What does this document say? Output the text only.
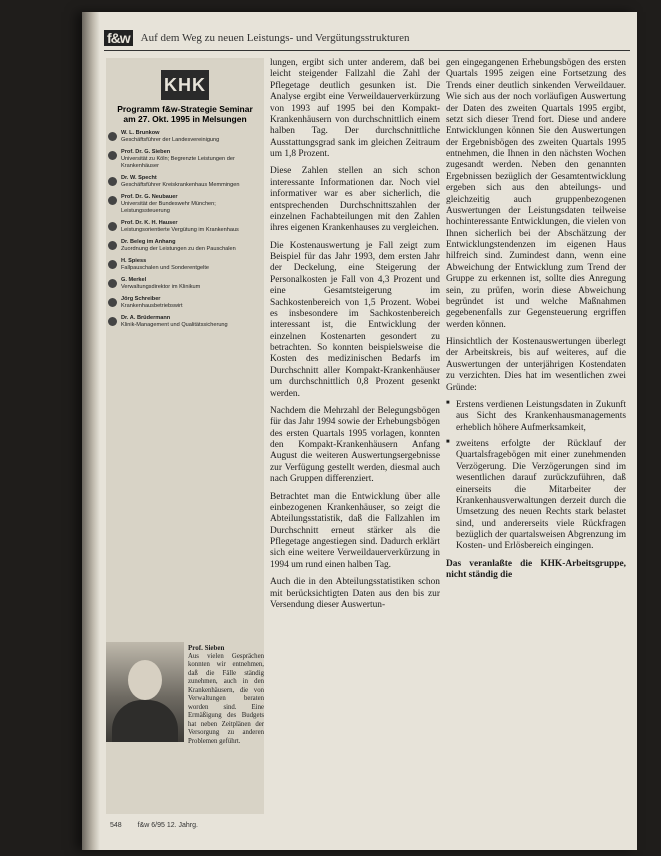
f&w Auf dem Weg zu neuen Leistungs- und Vergütungsstrukturen
KHK
Programm f&w-Strategie Seminar am 27. Okt. 1995 in Melsungen
W. L. Brunkow
Geschäftsführer der Landesvereinigung
Prof. Dr. G. Sieben
Universität zu Köln; Begrenzte Leistungen der Krankenhäuser
Dr. W. Specht
Geschäftsführer Kreiskrankenhaus Memmingen
Prof. Dr. G. Neubauer
Universität der Bundeswehr München; Leistungssteuerung
Prof. Dr. K. H. Hauser
Leistungsorientierte Vergütung im Krankenhaus
Dr. Beleg im Anhang
Zuordnung der Leistungen zu den Pauschalen
H. Spiess
Fallpauschalen und Sonderentgelte
G. Merkel
Verwaltungsdirektor im Klinikum
Jörg Schreiber
Krankenhausbetriebswirt
Dr. A. Brüdermann
Klinik-Management und Qualitätssicherung
Prof. Sieben
Aus vielen Gesprächen konnten wir entnehmen, daß die Fälle ständig zunehmen, auch in den Krankenhäusern, die von Verwaltungen beraten worden sind. Eine Ermäßigung des Budgets hat neben Zeitplänen der Versorgung zu anderen Problemen geführt.

lungen, ergibt sich unter anderem, daß bei leicht steigender Fallzahl die Zahl der Pflegetage deutlich gesunken ist. Die Analyse ergibt eine Verweildauerverkürzung von 1993 auf 1995 bei den Kompakt-Krankenhäusern von durchschnittlich einem halben Tag. Der durchschnittliche Ausstattungsgrad sank im gleichen Zeitraum um 1,8 Prozent.

Diese Zahlen stellen an sich schon interessante Informationen dar. Noch viel informativer war es aber sicherlich, die entsprechenden Durchschnittszahlen der einzelnen Fachabteilungen mit den Zahlen ihres eigenen Krankenhauses zu vergleichen.

Die Kostenauswertung je Fall zeigt zum Beispiel für das Jahr 1993, dem ersten Jahr der Deckelung, eine Steigerung der Personalkosten je Fall von 4,3 Prozent und eine Gesamtsteigerung im Sachkostenbereich von 1,5 Prozent. Wobei es insbesondere im Sachkostenbereich interessant ist, die Entwicklung der einzelnen Kostenarten gesondert zu betrachten. So konnten beispielsweise die Kosten des medizinischen Bedarfs im Durchschnitt aller Kompakt-Krankenhäuser um durchschnittlich 0,8 Prozent gesenkt werden.

Nachdem die Mehrzahl der Belegungsbögen für das Jahr 1994 sowie der Erhebungsbögen des ersten Quartals 1995 vorlagen, konnten den Kompakt-Krankenhäusern Anfang August die weiteren Auswertungsergebnisse zur Verfügung gestellt werden, diesmal auch nach Gruppen differenziert.

Betrachtet man die Entwicklung über alle einbezogenen Krankenhäuser, so zeigt die Abteilungsstatistik, daß die Fallzahlen im Durchschnitt erneut stärker als die Pflegetage angestiegen sind. Dadurch erklärt sich eine weitere Verweildauerverkürzung in 1994 um rund einen halben Tag.

Auch die in den Abteilungsstatistiken schon mit berücksichtigten Daten aus den bis zur Versendung dieser Auswertun-

gen eingegangenen Erhebungsbögen des ersten Quartals 1995 zeigen eine Fortsetzung des Trends einer deutlich sinkenden Verweildauer. Wie sich aus der noch vorläufigen Auswertung der Daten des zweiten Quartals 1995 ergibt, setzt sich dieser Trend fort. Diese und andere Entwicklungen können Sie den Auswertungen der Ergebnisbögen des zweiten Quartals 1995 entnehmen, die Ihnen in den nächsten Wochen zugesandt werden. Neben den genannten Ergebnissen bezüglich der Gesamtentwicklung ergeben sich aus den abteilungs- und gleichzeitig auch gruppenbezogenen Auswertungen der Leistungsdaten teilweise hochinteressante Entwicklungen, die vielen von Ihnen sicherlich bei der Abschätzung der Entwicklungstendenzen im eigenen Haus hilfreich sind. Zumindest dann, wenn eine Abweichung der Entwicklung zum Trend der Gruppe zu erkennen ist, sollte dies Anregung sein, zu prüfen, worin diese Abweichung begründet ist und welche Maßnahmen gegebenenfalls zur Gegensteuerung ergriffen werden können.

Hinsichtlich der Kostenauswertungen überlegt der Arbeitskreis, bis auf weiteres, auf die Auswertungen der unterjährigen Kostendaten zu verzichten. Dies hat im wesentlichen zwei Gründe:

■ Erstens verdienen Leistungsdaten in Zukunft aus Sicht des Krankenhausmanagements erheblich höhere Aufmerksamkeit,
■ zweitens erfolgte der Rücklauf der Quartalsfragebögen mit einer zunehmenden Verzögerung. Die Verzögerungen sind im wesentlichen darauf zurückzuführen, daß einerseits die Mitarbeiter der Krankenhausverwaltungen derzeit durch die Umsetzung des neuen Rechts stark belastet sind, und andererseits viele Rückfragen bezüglich der quartalsweisen Abgrenzung im Kosten- und Erlösbereich eingingen.

Das veranlaßte die KHK-Arbeitsgruppe, nicht ständig die

548 f&w 6/95 12. Jahrg.
